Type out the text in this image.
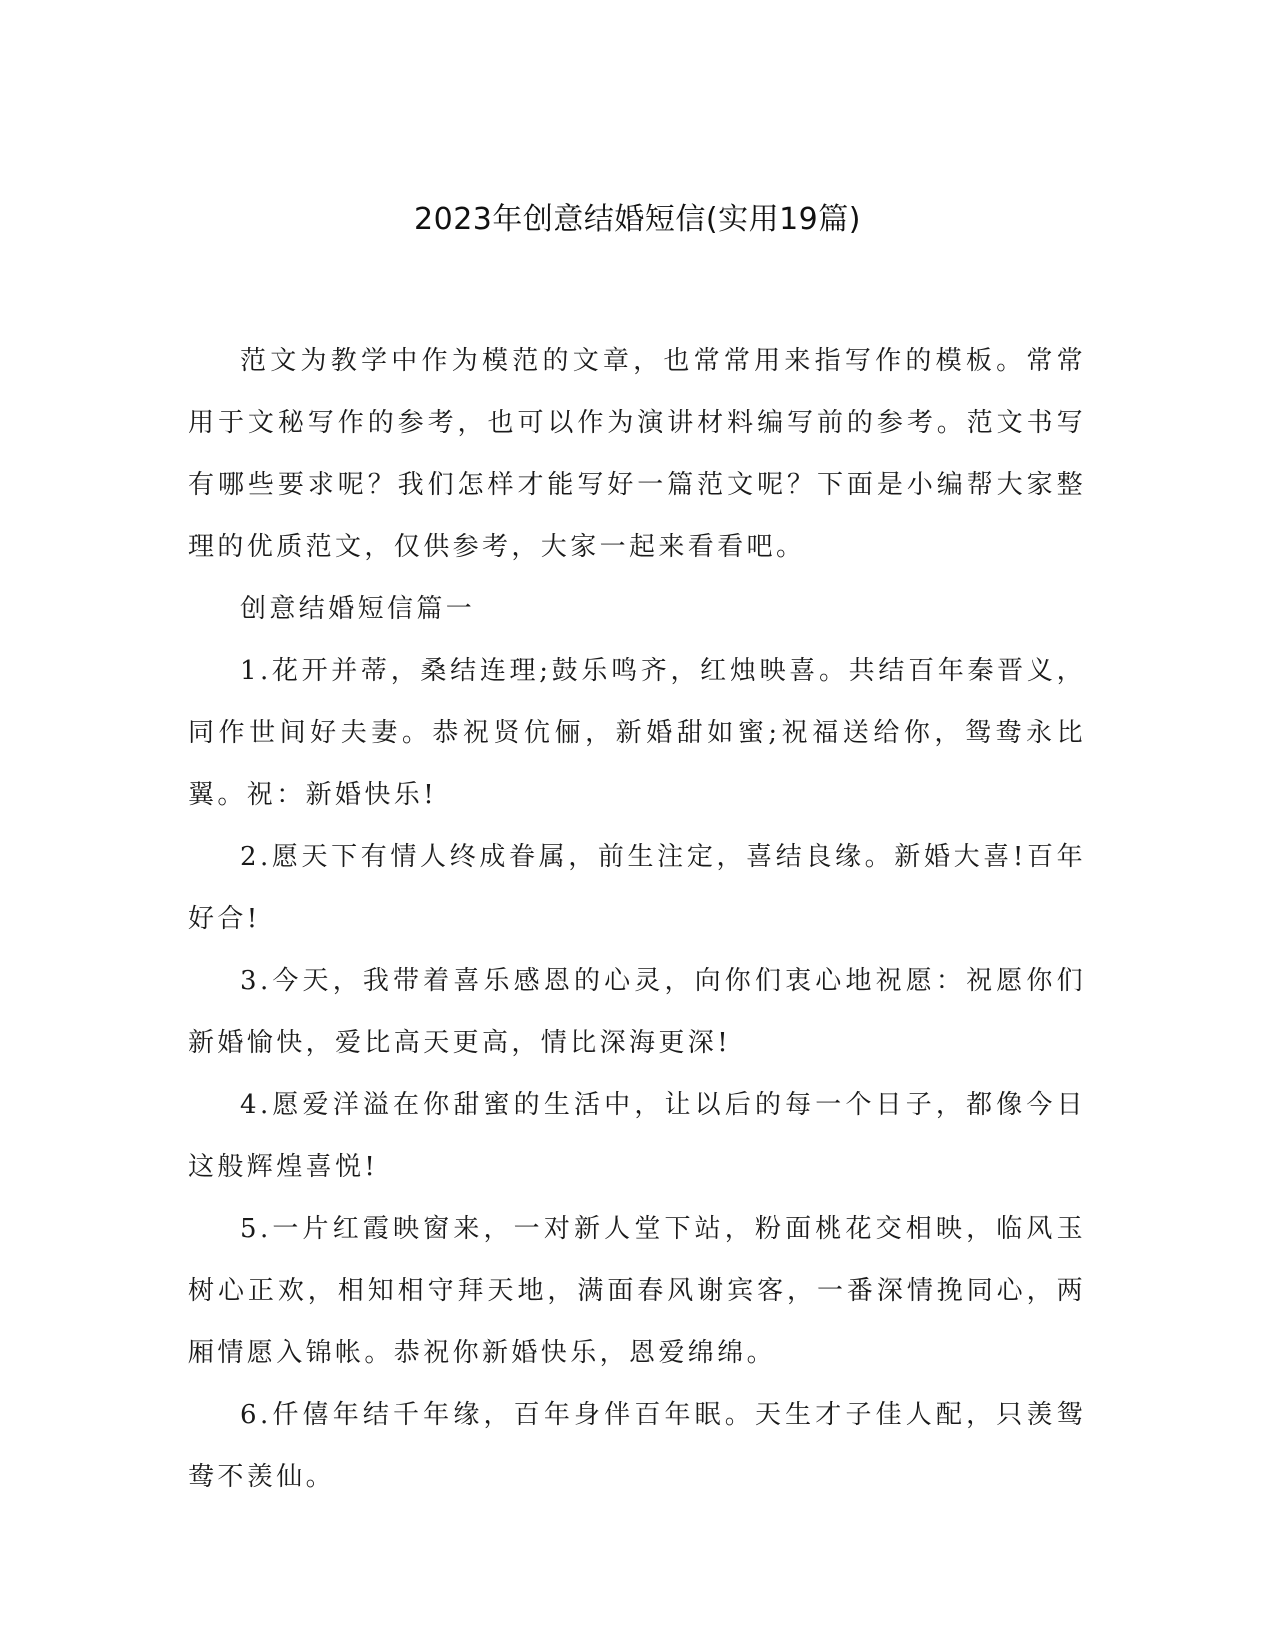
2023年创意结婚短信(实用19篇)

范文为教学中作为模范的文章，也常常用来指写作的模板。常常用于文秘写作的参考，也可以作为演讲材料编写前的参考。范文书写有哪些要求呢？我们怎样才能写好一篇范文呢？下面是小编帮大家整理的优质范文，仅供参考，大家一起来看看吧。

创意结婚短信篇一

1.花开并蒂，桑结连理;鼓乐鸣齐，红烛映喜。共结百年秦晋义，同作世间好夫妻。恭祝贤伉俪，新婚甜如蜜;祝福送给你，鸳鸯永比翼。祝：新婚快乐!

2.愿天下有情人终成眷属，前生注定，喜结良缘。新婚大喜!百年好合!

3.今天，我带着喜乐感恩的心灵，向你们衷心地祝愿：祝愿你们新婚愉快，爱比高天更高，情比深海更深!

4.愿爱洋溢在你甜蜜的生活中，让以后的每一个日子，都像今日这般辉煌喜悦!

5.一片红霞映窗来，一对新人堂下站，粉面桃花交相映，临风玉树心正欢，相知相守拜天地，满面春风谢宾客，一番深情挽同心，两厢情愿入锦帐。恭祝你新婚快乐，恩爱绵绵。

6.仟僖年结千年缘，百年身伴百年眠。天生才子佳人配，只羡鸳鸯不羡仙。
